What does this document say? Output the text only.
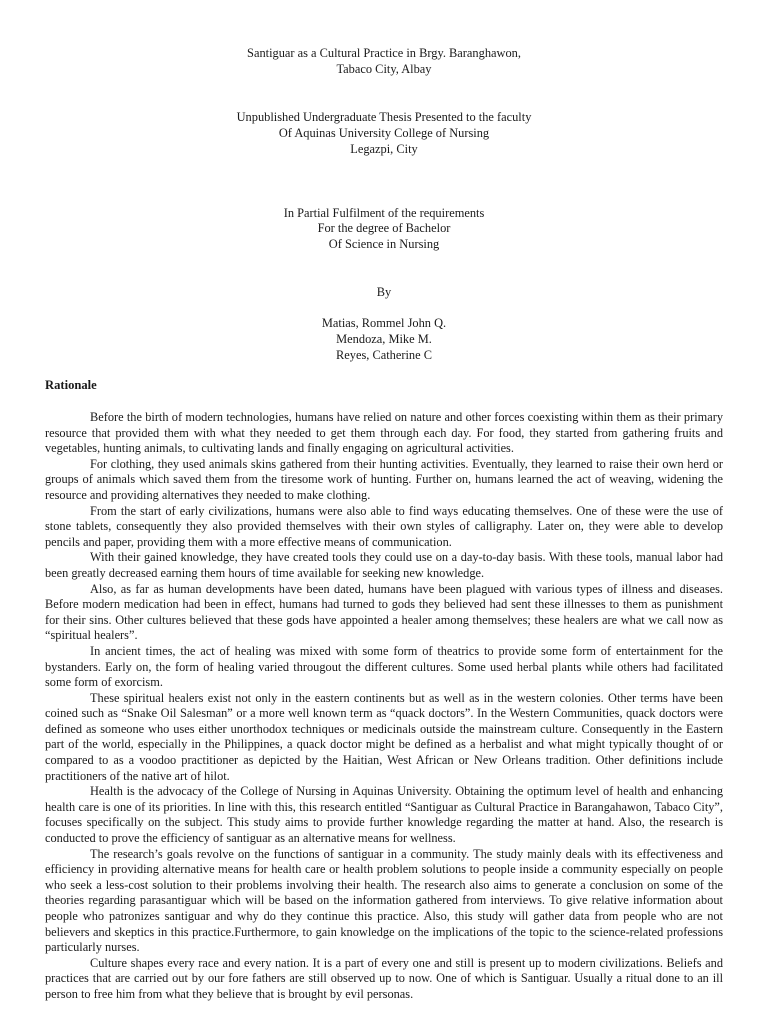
Santiguar as a Cultural Practice in Brgy. Baranghawon,
Tabaco City, Albay
Unpublished Undergraduate Thesis Presented to the faculty
Of Aquinas University College of Nursing
Legazpi, City
In Partial Fulfilment of the requirements
For the degree of Bachelor
Of Science in Nursing
By
Matias, Rommel John Q.
Mendoza, Mike M.
Reyes, Catherine C
Rationale

Before the birth of modern technologies, humans have relied on nature and other forces coexisting within them as their primary resource that provided them with what they needed to get them through each day. For food, they started from gathering fruits and vegetables, hunting animals, to cultivating lands and finally engaging on agricultural activities.

For clothing, they used animals skins gathered from their hunting activities. Eventually, they learned to raise their own herd or groups of animals which saved them from the tiresome work of hunting. Further on, humans learned the act of weaving, widening the resource and providing alternatives they needed to make clothing.

From the start of early civilizations, humans were also able to find ways educating themselves. One of these were the use of stone tablets, consequently they also provided themselves with their own styles of calligraphy. Later on, they were able to develop pencils and paper, providing them with a more effective means of communication.

With their gained knowledge, they have created tools they could use on a day-to-day basis. With these tools, manual labor had been greatly decreased earning them hours of time available for seeking new knowledge.

Also, as far as human developments have been dated, humans have been plagued with various types of illness and diseases. Before modern medication had been in effect, humans had turned to gods they believed had sent these illnesses to them as punishment for their sins. Other cultures believed that these gods have appointed a healer among themselves; these healers are what we call now as “spiritual healers”.

In ancient times, the act of healing was mixed with some form of theatrics to provide some form of entertainment for the bystanders. Early on, the form of healing varied througout the different cultures. Some used herbal plants while others had facilitated some form of exorcism.

These spiritual healers exist not only in the eastern continents but as well as in the western colonies. Other terms have been coined such as “Snake Oil Salesman” or a more well known term as “quack doctors”. In the Western Communities, quack doctors were defined as someone who uses either unorthodox techniques or medicinals outside the mainstream culture. Consequently in the Eastern part of the world, especially in the Philippines, a quack doctor might be defined as a herbalist and what might typically thought of or compared to as a voodoo practitioner as depicted by the Haitian, West African or New Orleans tradition. Other definitions include practitioners of the native art of hilot.

Health is the advocacy of the College of Nursing in Aquinas University. Obtaining the optimum level of health and enhancing health care is one of its priorities. In line with this, this research entitled “Santiguar as Cultural Practice in Barangahawon, Tabaco City”, focuses specifically on the subject. This study aims to provide further knowledge regarding the matter at hand. Also, the research is conducted to prove the efficiency of santiguar as an alternative means for wellness.

The research’s goals revolve on the functions of santiguar in a community. The study mainly deals with its effectiveness and efficiency in providing alternative means for health care or health problem solutions to people inside a community especially on people who seek a less-cost solution to their problems involving their health. The research also aims to generate a conclusion on some of the theories regarding parasantiguar which will be based on the information gathered from interviews. To give relative information about people who patronizes santiguar and why do they continue this practice. Also, this study will gather data from people who are not believers and skeptics in this practice.Furthermore, to gain knowledge on the implications of the topic to the science-related professions particularly nurses.

Culture shapes every race and every nation. It is a part of every one and still is present up to modern civilizations. Beliefs and practices that are carried out by our fore fathers are still observed up to now. One of which is Santiguar. Usually a ritual done to an ill person to free him from what they believe that is brought by evil personas.
